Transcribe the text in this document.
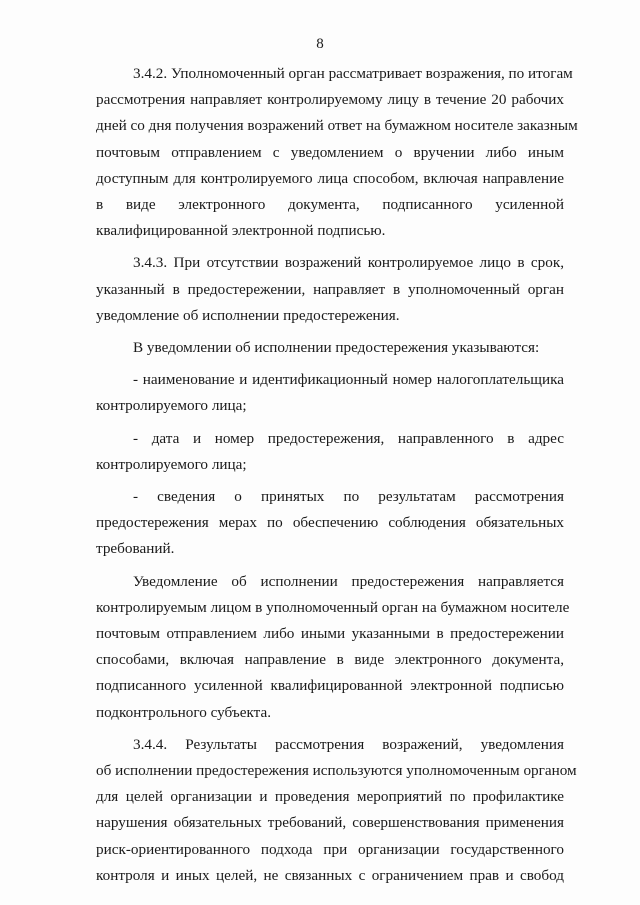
8
3.4.2. Уполномоченный орган рассматривает возражения, по итогам
рассмотрения направляет контролируемому лицу в течение 20 рабочих
дней со дня получения возражений ответ на бумажном носителе заказным
почтовым отправлением с уведомлением о вручении либо иным
доступным для контролируемого лица способом, включая направление
в виде электронного документа, подписанного усиленной
квалифицированной электронной подписью.
3.4.3. При отсутствии возражений контролируемое лицо в срок,
указанный в предостережении, направляет в уполномоченный орган
уведомление об исполнении предостережения.
В уведомлении об исполнении предостережения указываются:
- наименование и идентификационный номер налогоплательщика
контролируемого лица;
- дата и номер предостережения, направленного в адрес
контролируемого лица;
- сведения о принятых по результатам рассмотрения
предостережения мерах по обеспечению соблюдения обязательных
требований.
Уведомление об исполнении предостережения направляется
контролируемым лицом в уполномоченный орган на бумажном носителе
почтовым отправлением либо иными указанными в предостережении
способами, включая направление в виде электронного документа,
подписанного усиленной квалифицированной электронной подписью
подконтрольного субъекта.
3.4.4. Результаты рассмотрения возражений, уведомления
об исполнении предостережения используются уполномоченным органом
для целей организации и проведения мероприятий по профилактике
нарушения обязательных требований, совершенствования применения
риск-ориентированного подхода при организации государственного
контроля и иных целей, не связанных с ограничением прав и свобод
